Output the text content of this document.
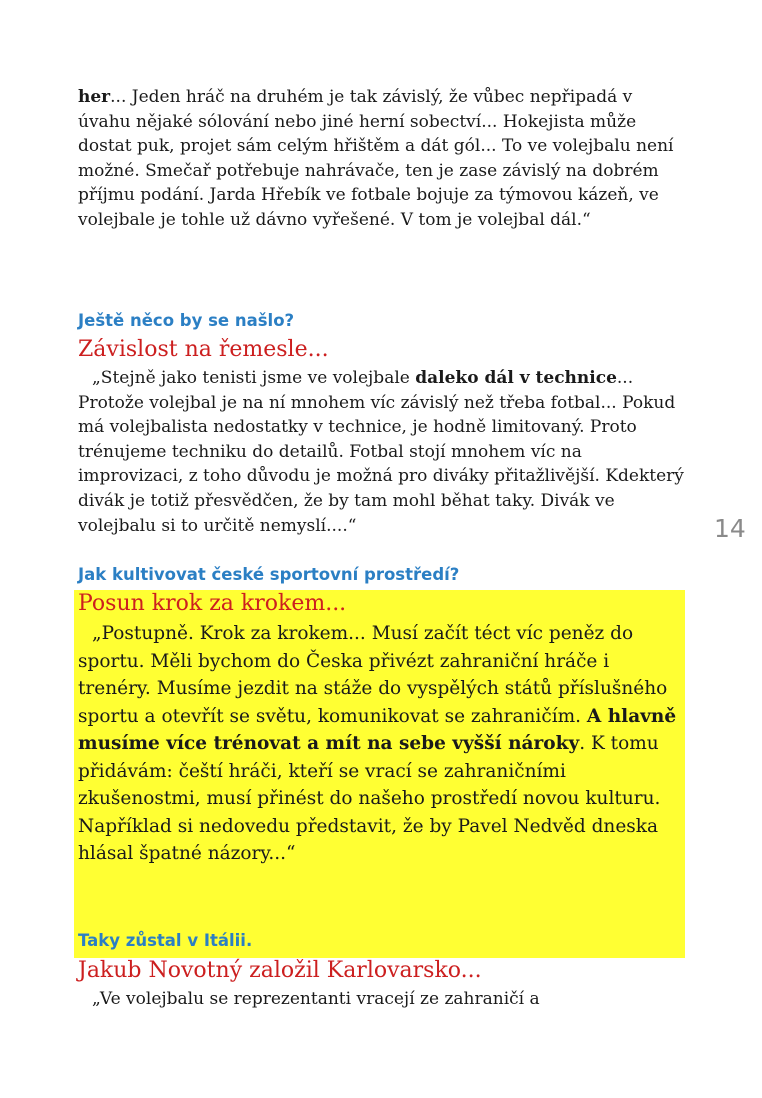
her... Jeden hráč na druhém je tak závislý, že vůbec nepřipadá v úvahu nějaké sólování nebo jiné herní sobectví... Hokejista může dostat puk, projet sám celým hřištěm a dát gól... To ve volejbalu není možné. Smečař potřebuje nahrávače, ten je zase závislý na dobrém příjmu podání. Jarda Hřebík ve fotbale bojuje za týmovou kázeň, ve volejbale je tohle už dávno vyřešené. V tom je volejbal dál.“
Ještě něco by se našlo?
Závislost na řemesle...
„Stejně jako tenisti jsme ve volejbale daleko dál v technice... Protože volejbal je na ní mnohem víc závislý než třeba fotbal... Pokud má volejbalista nedostatky v technice, je hodně limitovaný. Proto trénujeme techniku do detailů. Fotbal stojí mnohem víc na improvizaci, z toho důvodu je možná pro diváky přitažlivější. Kdekterý divák je totiž přesvědčen, že by tam mohl běhat taky. Divák ve volejbalu si to určitě nemyslí....“	14
Jak kultivovat české sportovní prostředí?
Posun krok za krokem...
„Postupně. Krok za krokem... Musí začít téct víc peněz do sportu. Měli bychom do Česka přivézt zahraniční hráče i trenéry. Musíme jezdit na stáže do vyspělých států příslušného sportu a otevřít se světu, komunikovat se zahraničím. A hlavně musíme více trénovat a mít na sebe vyšší nároky. K tomu přidávám: čeští hráči, kteří se vrací se zahraničními zkušenostmi, musí přinést do našeho prostředí novou kulturu. Například si nedovedu představit, že by Pavel Nedvěd dneska hlásal špatné názory...“
Taky zůstal v Itálii.
Jakub Novotný založil Karlovarsko...
„Ve volejbalu se reprezentanti vracejí ze zahraničí a
